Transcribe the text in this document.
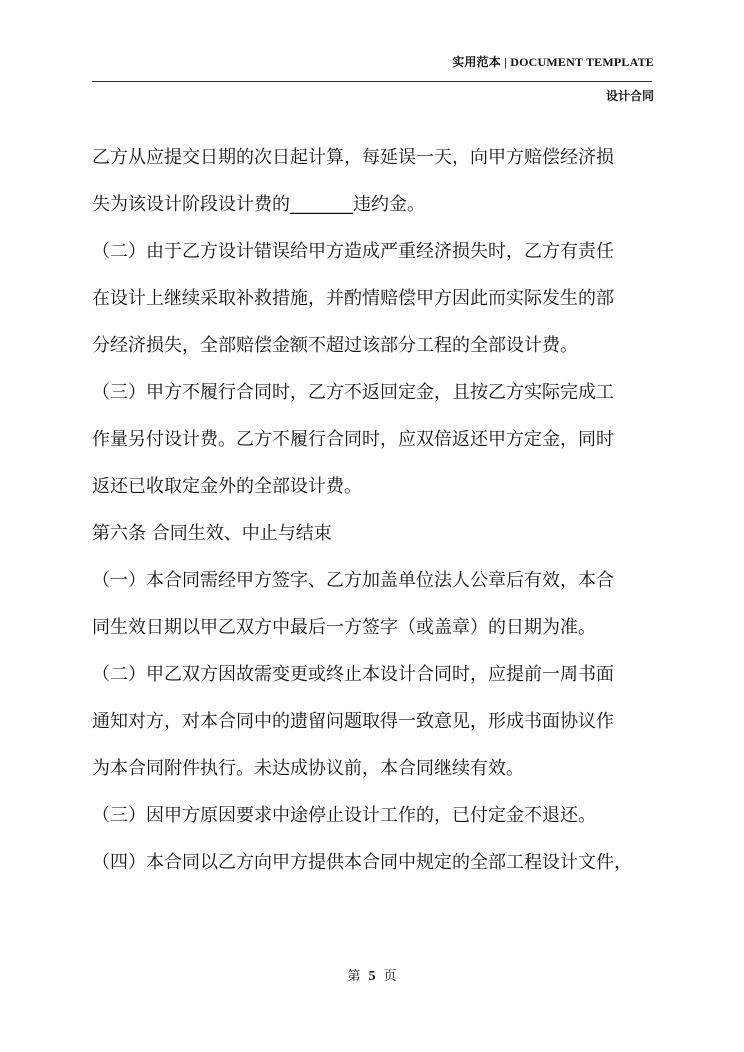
实用范本 | DOCUMENT TEMPLATE
设计合同
乙方从应提交日期的次日起计算，每延误一天，向甲方赔偿经济损
失为该设计阶段设计费的_______违约金。
（二）由于乙方设计错误给甲方造成严重经济损失时，乙方有责任
在设计上继续采取补救措施，并酌情赔偿甲方因此而实际发生的部
分经济损失，全部赔偿金额不超过该部分工程的全部设计费。
（三）甲方不履行合同时，乙方不返回定金，且按乙方实际完成工
作量另付设计费。乙方不履行合同时，应双倍返还甲方定金，同时
返还已收取定金外的全部设计费。
第六条 合同生效、中止与结束
（一）本合同需经甲方签字、乙方加盖单位法人公章后有效，本合
同生效日期以甲乙双方中最后一方签字（或盖章）的日期为准。
（二）甲乙双方因故需变更或终止本设计合同时，应提前一周书面
通知对方，对本合同中的遗留问题取得一致意见，形成书面协议作
为本合同附件执行。未达成协议前，本合同继续有效。
（三）因甲方原因要求中途停止设计工作的，已付定金不退还。
（四）本合同以乙方向甲方提供本合同中规定的全部工程设计文件，
第 5 页
